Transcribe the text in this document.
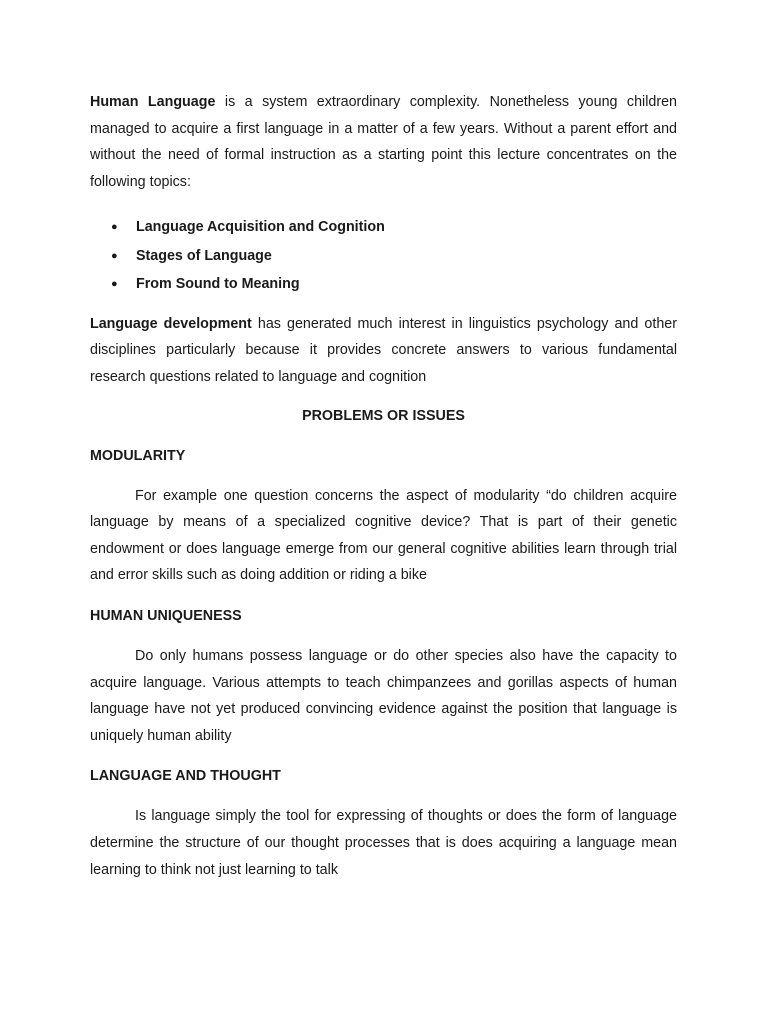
Human Language is a system extraordinary complexity. Nonetheless young children managed to acquire a first language in a matter of a few years. Without a parent effort and without the need of formal instruction as a starting point this lecture concentrates on the following topics:

● Language Acquisition and Cognition
● Stages of Language
● From Sound to Meaning

Language development has generated much interest in linguistics psychology and other disciplines particularly because it provides concrete answers to various fundamental research questions related to language and cognition

PROBLEMS OR ISSUES
MODULARITY

For example one question concerns the aspect of modularity “do children acquire language by means of a specialized cognitive device? That is part of their genetic endowment or does language emerge from our general cognitive abilities learn through trial and error skills such as doing addition or riding a bike

HUMAN UNIQUENESS

Do only humans possess language or do other species also have the capacity to acquire language. Various attempts to teach chimpanzees and gorillas aspects of human language have not yet produced convincing evidence against the position that language is uniquely human ability

LANGUAGE AND THOUGHT

Is language simply the tool for expressing of thoughts or does the form of language determine the structure of our thought processes that is does acquiring a language mean learning to think not just learning to talk
